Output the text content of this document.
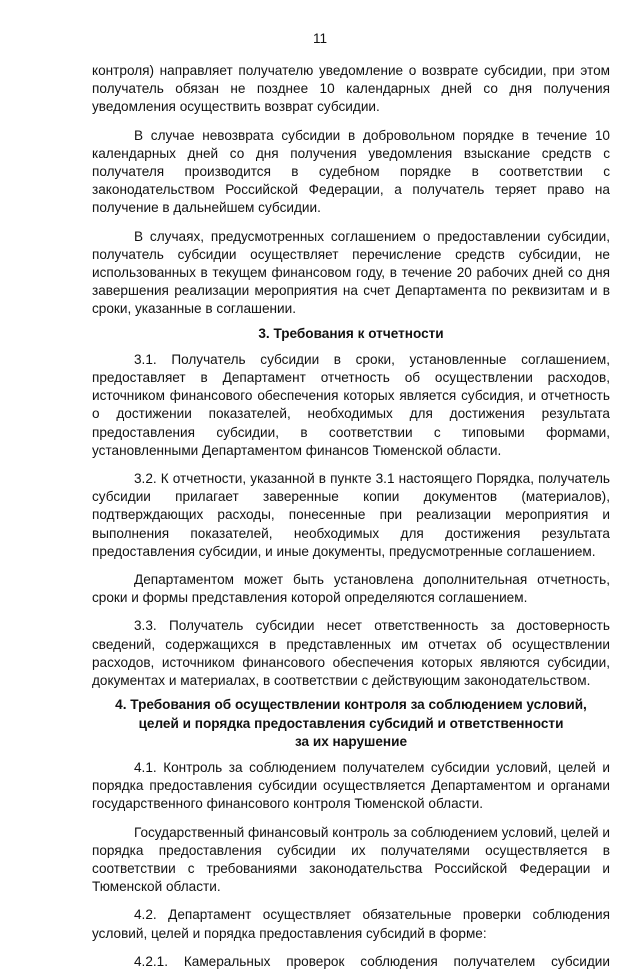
11

контроля) направляет получателю уведомление о возврате субсидии, при этом получатель обязан не позднее 10 календарных дней со дня получения уведомления осуществить возврат субсидии.

В случае невозврата субсидии в добровольном порядке в течение 10 календарных дней со дня получения уведомления взыскание средств с получателя производится в судебном порядке в соответствии с законодательством Российской Федерации, а получатель теряет право на получение в дальнейшем субсидии.

В случаях, предусмотренных соглашением о предоставлении субсидии, получатель субсидии осуществляет перечисление средств субсидии, не использованных в текущем финансовом году, в течение 20 рабочих дней со дня завершения реализации мероприятия на счет Департамента по реквизитам и в сроки, указанные в соглашении.

3. Требования к отчетности

3.1. Получатель субсидии в сроки, установленные соглашением, предоставляет в Департамент отчетность об осуществлении расходов, источником финансового обеспечения которых является субсидия, и отчетность о достижении показателей, необходимых для достижения результата предоставления субсидии, в соответствии с типовыми формами, установленными Департаментом финансов Тюменской области.

3.2. К отчетности, указанной в пункте 3.1 настоящего Порядка, получатель субсидии прилагает заверенные копии документов (материалов), подтверждающих расходы, понесенные при реализации мероприятия и выполнения показателей, необходимых для достижения результата предоставления субсидии, и иные документы, предусмотренные соглашением.

Департаментом может быть установлена дополнительная отчетность, сроки и формы представления которой определяются соглашением.

3.3. Получатель субсидии несет ответственность за достоверность сведений, содержащихся в представленных им отчетах об осуществлении расходов, источником финансового обеспечения которых являются субсидии, документах и материалах, в соответствии с действующим законодательством.

4. Требования об осуществлении контроля за соблюдением условий,
целей и порядка предоставления субсидий и ответственности
за их нарушение

4.1. Контроль за соблюдением получателем субсидии условий, целей и порядка предоставления субсидии осуществляется Департаментом и органами государственного финансового контроля Тюменской области.

Государственный финансовый контроль за соблюдением условий, целей и порядка предоставления субсидии их получателями осуществляется в соответствии с требованиями законодательства Российской Федерации и Тюменской области.

4.2. Департамент осуществляет обязательные проверки соблюдения условий, целей и порядка предоставления субсидий в форме:

4.2.1. Камеральных проверок соблюдения получателем субсидии
